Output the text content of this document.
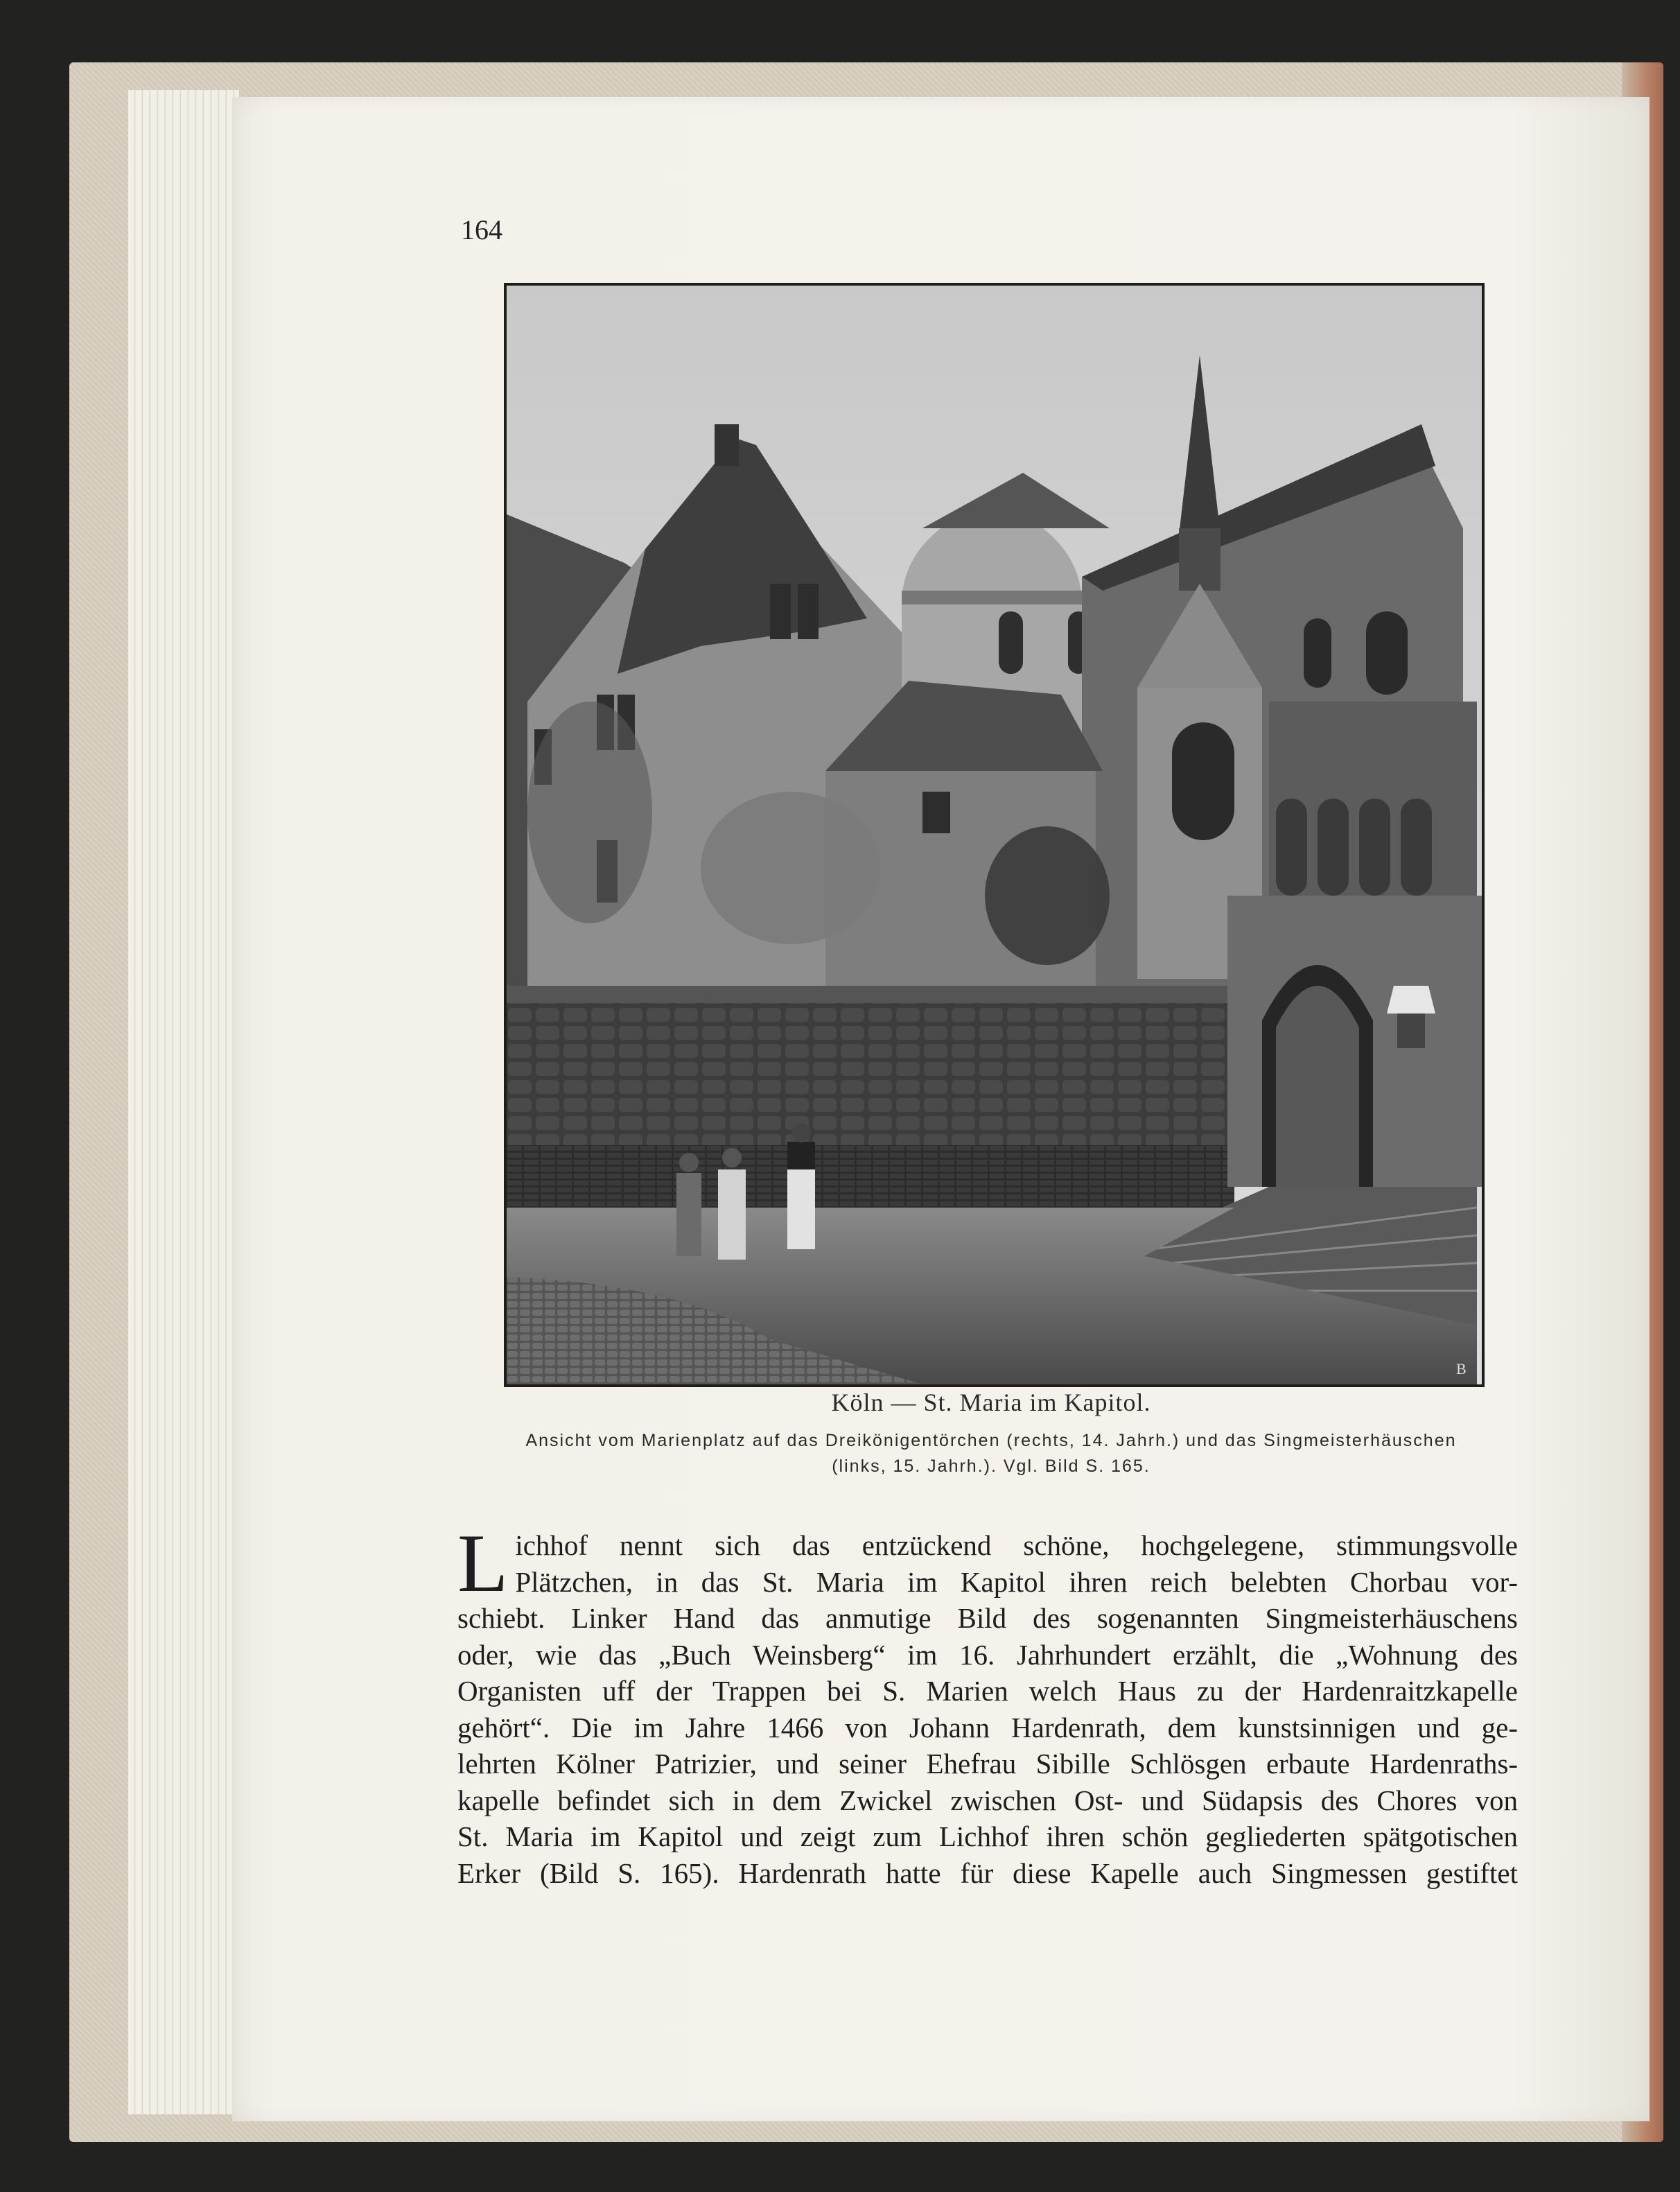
164
B
Köln — St. Maria im Kapitol.
Ansicht vom Marienplatz auf das Dreikönigentörchen (rechts, 14. Jahrh.) und das Singmeisterhäuschen
(links, 15. Jahrh.). Vgl. Bild S. 165.
L ichhof nennt sich das entzückend schöne, hochgelegene, stimmungsvolle
Plätzchen, in das St. Maria im Kapitol ihren reich belebten Chorbau vor-
schiebt. Linker Hand das anmutige Bild des sogenannten Singmeisterhäuschens
oder, wie das „Buch Weinsberg“ im 16. Jahrhundert erzählt, die „Wohnung des
Organisten uff der Trappen bei S. Marien welch Haus zu der Hardenraitzkapelle
gehört“. Die im Jahre 1466 von Johann Hardenrath, dem kunstsinnigen und ge-
lehrten Kölner Patrizier, und seiner Ehefrau Sibille Schlösgen erbaute Hardenraths-
kapelle befindet sich in dem Zwickel zwischen Ost- und Südapsis des Chores von
St. Maria im Kapitol und zeigt zum Lichhof ihren schön gegliederten spätgotischen
Erker (Bild S. 165). Hardenrath hatte für diese Kapelle auch Singmessen gestiftet
